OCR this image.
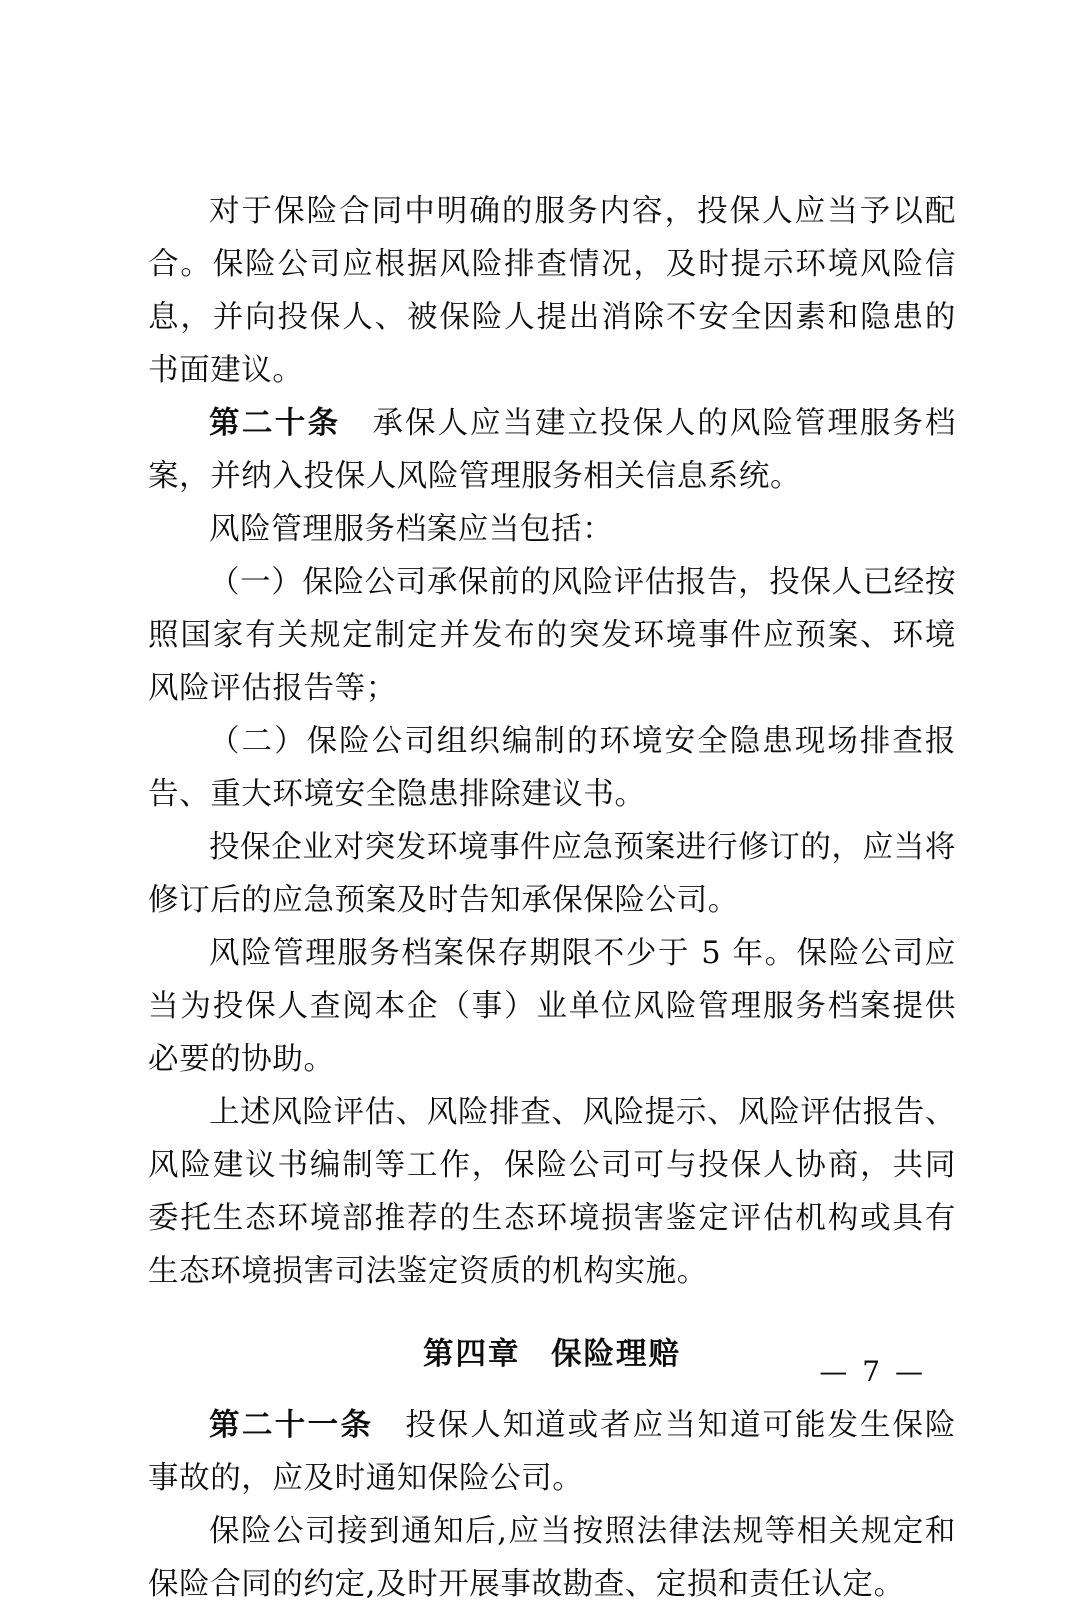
对于保险合同中明确的服务内容，投保人应当予以配合。保险公司应根据风险排查情况，及时提示环境风险信息，并向投保人、被保险人提出消除不安全因素和隐患的书面建议。

第二十条 承保人应当建立投保人的风险管理服务档案，并纳入投保人风险管理服务相关信息系统。

风险管理服务档案应当包括：

（一）保险公司承保前的风险评估报告，投保人已经按照国家有关规定制定并发布的突发环境事件应预案、环境风险评估报告等；

（二）保险公司组织编制的环境安全隐患现场排查报告、重大环境安全隐患排除建议书。

投保企业对突发环境事件应急预案进行修订的，应当将修订后的应急预案及时告知承保保险公司。

风险管理服务档案保存期限不少于 5 年。保险公司应当为投保人查阅本企（事）业单位风险管理服务档案提供必要的协助。

上述风险评估、风险排查、风险提示、风险评估报告、风险建议书编制等工作，保险公司可与投保人协商，共同委托生态环境部推荐的生态环境损害鉴定评估机构或具有生态环境损害司法鉴定资质的机构实施。

第四章 保险理赔

第二十一条 投保人知道或者应当知道可能发生保险事故的，应及时通知保险公司。

保险公司接到通知后,应当按照法律法规等相关规定和保险合同的约定,及时开展事故勘查、定损和责任认定。

— 7 —
